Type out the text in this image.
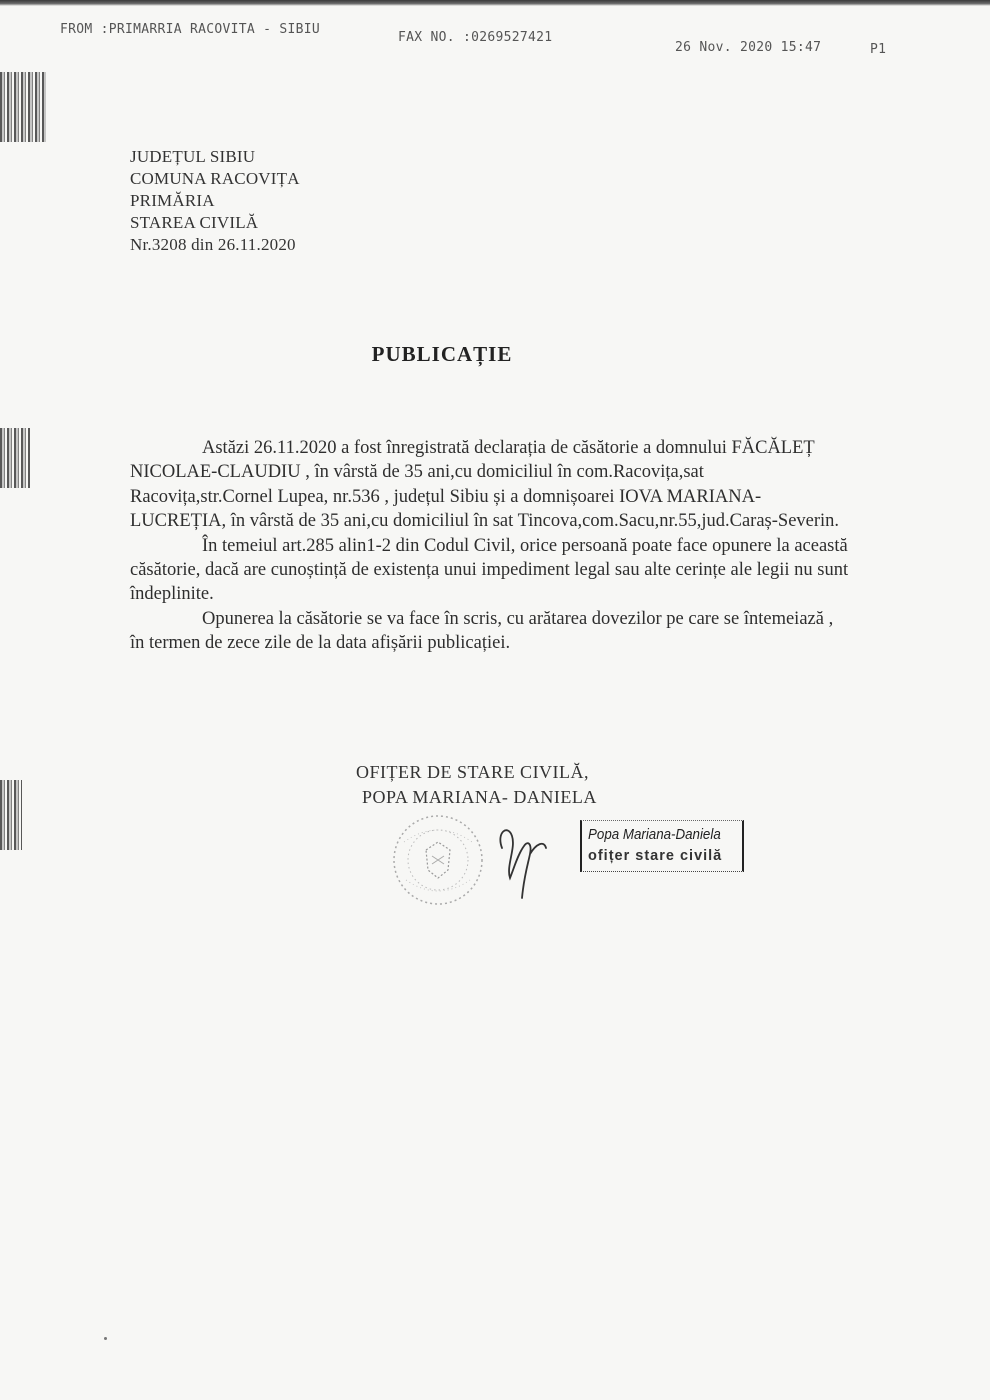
FROM :PRIMARRIA RACOVITA - SIBIU
FAX NO. :0269527421
26 Nov. 2020 15:47	P1
JUDEȚUL SIBIU
COMUNA RACOVIȚA
PRIMĂRIA
STAREA CIVILĂ
Nr.3208 din 26.11.2020
PUBLICAȚIE

Astăzi 26.11.2020 a fost înregistrată declarația de căsătorie a domnului FĂCĂLEȚ NICOLAE-CLAUDIU , în vârstă de 35 ani,cu domiciliul în com.Racovița,sat Racovița,str.Cornel Lupea, nr.536 , județul Sibiu și a domnișoarei IOVA MARIANA-LUCREȚIA, în vârstă de 35 ani,cu domiciliul în sat Tincova,com.Sacu,nr.55,jud.Caraș-Severin.

În temeiul art.285 alin1-2 din Codul Civil, orice persoană poate face opunere la această căsătorie, dacă are cunoștință de existența unui impediment legal sau alte cerințe ale legii nu sunt îndeplinite.

Opunerea la căsătorie se va face în scris, cu arătarea dovezilor pe care se întemeiază , în termen de zece zile de la data afișării publicației.

OFIȚER DE STARE CIVILĂ,
POPA MARIANA- DANIELA
Popa Mariana-Daniela
ofițer stare civilă
